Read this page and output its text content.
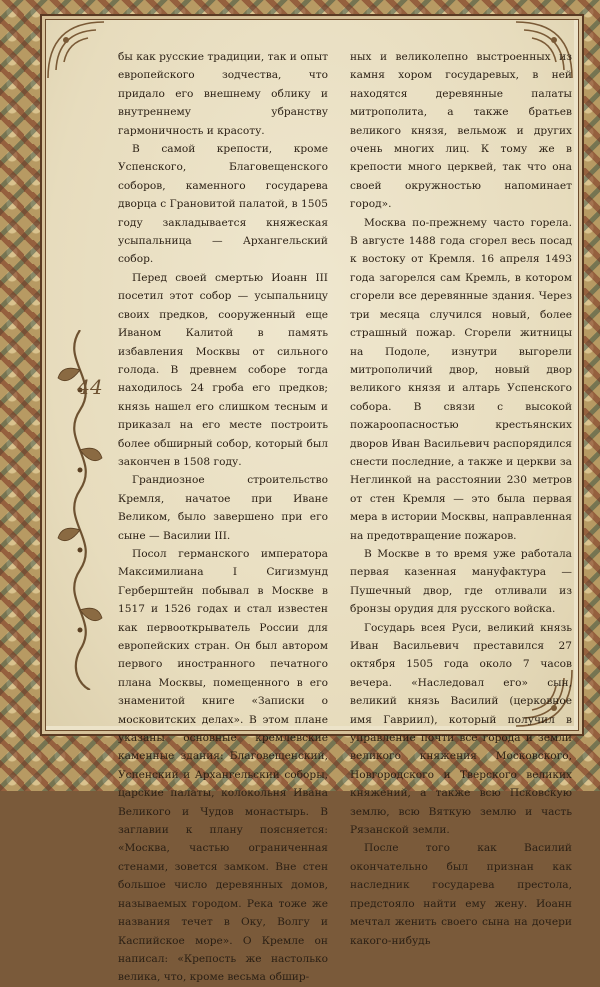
44

бы как русские традиции, так и опыт европейского зодчества, что придало его внешнему облику и внутреннему убранству гармоничность и красоту.

В самой крепости, кроме Успенского, Благовещенского соборов, каменного государева дворца с Грановитой палатой, в 1505 году закладывается княжеская усыпальница — Архангельский собор.

Перед своей смертью Иоанн III посетил этот собор — усыпальницу своих предков, сооруженный еще Иваном Калитой в память избавления Москвы от сильного голода. В древнем соборе тогда находилось 24 гроба его предков; князь нашел его слишком тесным и приказал на его месте построить более обширный собор, который был закончен в 1508 году.

Грандиозное строительство Кремля, начатое при Иване Великом, было завершено при его сыне — Василии III.

Посол германского императора Максимилиана I Сигизмунд Герберштейн побывал в Москве в 1517 и 1526 годах и стал известен как первооткрыватель России для европейских стран. Он был автором первого иностранного печатного плана Москвы, помещенного в его знаменитой книге «Записки о московитских делах». В этом плане указаны основные кремлевские каменные здания: Благовещенский, Успенский и Архангельский соборы, царские палаты, колокольня Ивана Великого и Чудов монастырь. В заглавии к плану поясняется: «Москва, частью ограниченная стенами, зовется замком. Вне стен большое число деревянных домов, называемых городом. Река тоже же названия течет в Оку, Волгу и Каспийское море». О Кремле он написал: «Крепость же настолько велика, что, кроме весьма обшир-

ных и великолепно выстроенных из камня хором государевых, в ней находятся деревянные палаты митрополита, а также братьев великого князя, вельмож и других очень многих лиц. К тому же в крепости много церквей, так что она своей окружностью напоминает город».

Москва по-прежнему часто горела. В августе 1488 года сгорел весь посад к востоку от Кремля. 16 апреля 1493 года загорелся сам Кремль, в котором сгорели все деревянные здания. Через три месяца случился новый, более страшный пожар. Сгорели житницы на Подоле, изнутри выгорели митрополичий двор, новый двор великого князя и алтарь Успенского собора. В связи с высокой пожароопасностью крестьянских дворов Иван Васильевич распорядился снести последние, а также и церкви за Неглинкой на расстоянии 230 метров от стен Кремля — это была первая мера в истории Москвы, направленная на предотвращение пожаров.

В Москве в то время уже работала первая казенная мануфактура — Пушечный двор, где отливали из бронзы орудия для русского войска.

Государь всея Руси, великий князь Иван Васильевич преставился 27 октября 1505 года около 7 часов вечера. «Наследовал его» сын, великий князь Василий (церковное имя Гавриил), который получил в управление почти все города и земли великого княжения Московского, Новгородского и Тверского великих княжений, а также всю Псковскую землю, всю Вяткую землю и часть Рязанской земли.

После того как Василий окончательно был признан как наследник государева престола, предстояло найти ему жену. Иоанн мечтал женить своего сына на дочери какого-нибудь
